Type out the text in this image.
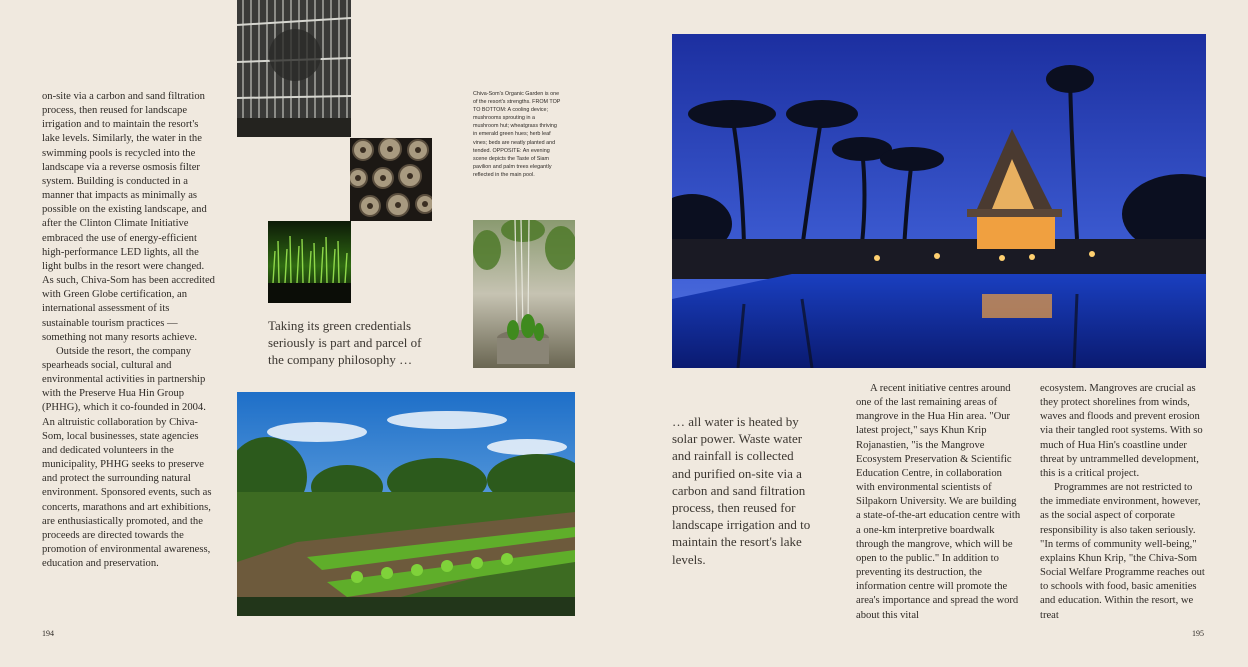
on-site via a carbon and sand filtration process, then reused for landscape irrigation and to maintain the resort's lake levels. Similarly, the water in the swimming pools is recycled into the landscape via a reverse osmosis filter system. Building is conducted in a manner that impacts as minimally as possible on the existing landscape, and after the Clinton Climate Initiative embraced the use of energy-efficient high-performance LED lights, all the light bulbs in the resort were changed. As such, Chiva-Som has been accredited with Green Globe certification, an international assessment of its sustainable tourism practices — something not many resorts achieve.

Outside the resort, the company spearheads social, cultural and environmental activities in partnership with the Preserve Hua Hin Group (PHHG), which it co-founded in 2004. An altruistic collaboration by Chiva-Som, local businesses, state agencies and dedicated volunteers in the municipality, PHHG seeks to preserve and protect the surrounding natural environment. Sponsored events, such as concerts, marathons and art exhibitions, are enthusiastically promoted, and the proceeds are directed towards the promotion of environmental awareness, education and preservation.

Taking its green credentials seriously is part and parcel of the company philosophy …
Chiva-Som's Organic Garden is one of the resort's strengths. FROM TOP TO BOTTOM: A cooling device; mushrooms sprouting in a mushroom hut; wheatgrass thriving in emerald green hues; herb leaf vines; beds are neatly planted and tended. OPPOSITE: An evening scene depicts the Taste of Siam pavilion and palm trees elegantly reflected in the main pool.
194
… all water is heated by solar power. Waste water and rainfall is collected and purified on-site via a carbon and sand filtration process, then reused for landscape irrigation and to maintain the resort's lake levels.

A recent initiative centres around one of the last remaining areas of mangrove in the Hua Hin area. "Our latest project," says Khun Krip Rojanastien, "is the Mangrove Ecosystem Preservation & Scientific Education Centre, in collaboration with environmental scientists of Silpakorn University. We are building a state-of-the-art education centre with a one-km interpretive boardwalk through the mangrove, which will be open to the public." In addition to preventing its destruction, the information centre will promote the area's importance and spread the word about this vital

ecosystem. Mangroves are crucial as they protect shorelines from winds, waves and floods and prevent erosion via their tangled root systems. With so much of Hua Hin's coastline under threat by untrammelled development, this is a critical project.

Programmes are not restricted to the immediate environment, however, as the social aspect of corporate responsibility is also taken seriously. "In terms of community well-being," explains Khun Krip, "the Chiva-Som Social Welfare Programme reaches out to schools with food, basic amenities and education. Within the resort, we treat

195
